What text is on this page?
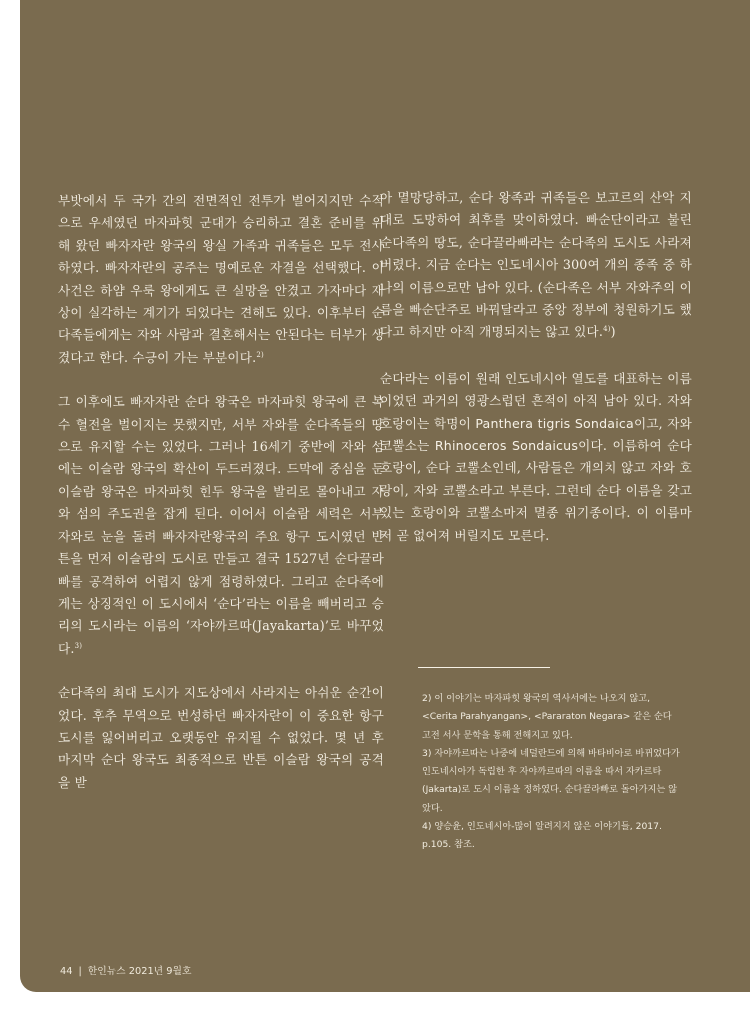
부밧에서 두 국가 간의 전면적인 전투가 벌어지지만 수적으로 우세였던 마자파힛 군대가 승리하고 결혼 준비를 위해 왔던 빠자자란 왕국의 왕실 가족과 귀족들은 모두 전사하였다. 빠자자란의 공주는 명예로운 자결을 선택했다. 이 사건은 하얌 우룩 왕에게도 큰 실망을 안겼고 가자마다 재상이 실각하는 계기가 되었다는 견해도 있다. 이후부터 순다족들에게는 자와 사람과 결혼해서는 안된다는 터부가 생겼다고 한다. 수긍이 가는 부분이다.$^{2)}$

그 이후에도 빠자자란 순다 왕국은 마자파힛 왕국에 큰 복수 혈전을 벌이지는 못했지만, 서부 자와를 순다족들의 땅으로 유지할 수는 있었다. 그러나 16세기 중반에 자와 섬에는 이슬람 왕국의 확산이 두드러졌다. 드막에 중심을 둔 이슬람 왕국은 마자파힛 힌두 왕국을 발리로 몰아내고 자와 섬의 주도권을 잡게 된다. 이어서 이슬람 세력은 서부 자와로 눈을 돌려 빠자자란왕국의 주요 항구 도시였던 반튼을 먼저 이슬람의 도시로 만들고 결국 1527년 순다끌라빠를 공격하여 어렵지 않게 점령하였다. 그리고 순다족에게는 상징적인 이 도시에서 ‘순다’라는 이름을 빼버리고 승리의 도시라는 이름의 ‘자야까르따(Jayakarta)’로 바꾸었다.$^{3)}$

순다족의 최대 도시가 지도상에서 사라지는 아쉬운 순간이었다. 후추 무역으로 번성하던 빠자자란이 이 중요한 항구 도시를 잃어버리고 오랫동안 유지될 수 없었다. 몇 년 후 마지막 순다 왕국도 최종적으로 반튼 이슬람 왕국의 공격을 받

아 멸망당하고, 순다 왕족과 귀족들은 보고르의 산악 지대로 도망하여 최후를 맞이하였다. 빠순단이라고 불린 순다족의 땅도, 순다끌라빠라는 순다족의 도시도 사라져 버렸다. 지금 순다는 인도네시아 300여 개의 종족 중 하나의 이름으로만 남아 있다. (순다족은 서부 자와주의 이름을 빠순단주로 바꿔달라고 중앙 정부에 청원하기도 했다고 하지만 아직 개명되지는 않고 있다.$^{4)}$)

순다라는 이름이 원래 인도네시아 열도를 대표하는 이름이었던 과거의 영광스럽던 흔적이 아직 남아 있다. 자와 호랑이는 학명이 Panthera tigris Sondaica이고, 자와 코뿔소는 Rhinoceros Sondaicus이다. 이름하여 순다 호랑이, 순다 코뿔소인데, 사람들은 개의치 않고 자와 호랑이, 자와 코뿔소라고 부른다. 그런데 순다 이름을 갖고 있는 호랑이와 코뿔소마저 멸종 위기종이다. 이 이름마저 곧 없어져 버릴지도 모른다.

2) 이 이야기는 마자파힛 왕국의 역사서에는 나오지 않고, <Cerita Parahyangan>, <Pararaton Negara> 같은 순다 고전 서사 문학을 통해 전해지고 있다.
3) 자야까르따는 나중에 네덜란드에 의해 바타비아로 바뀌었다가 인도네시아가 독립한 후 자야까르따의 이름을 따서 자카르타(Jakarta)로 도시 이름을 정하였다. 순다끌라빠로 돌아가지는 않았다.
4) 양승윤, 인도네시아-많이 알려지지 않은 이야기들, 2017. p.105. 참조.
44 | 한인뉴스 2021년 9월호
